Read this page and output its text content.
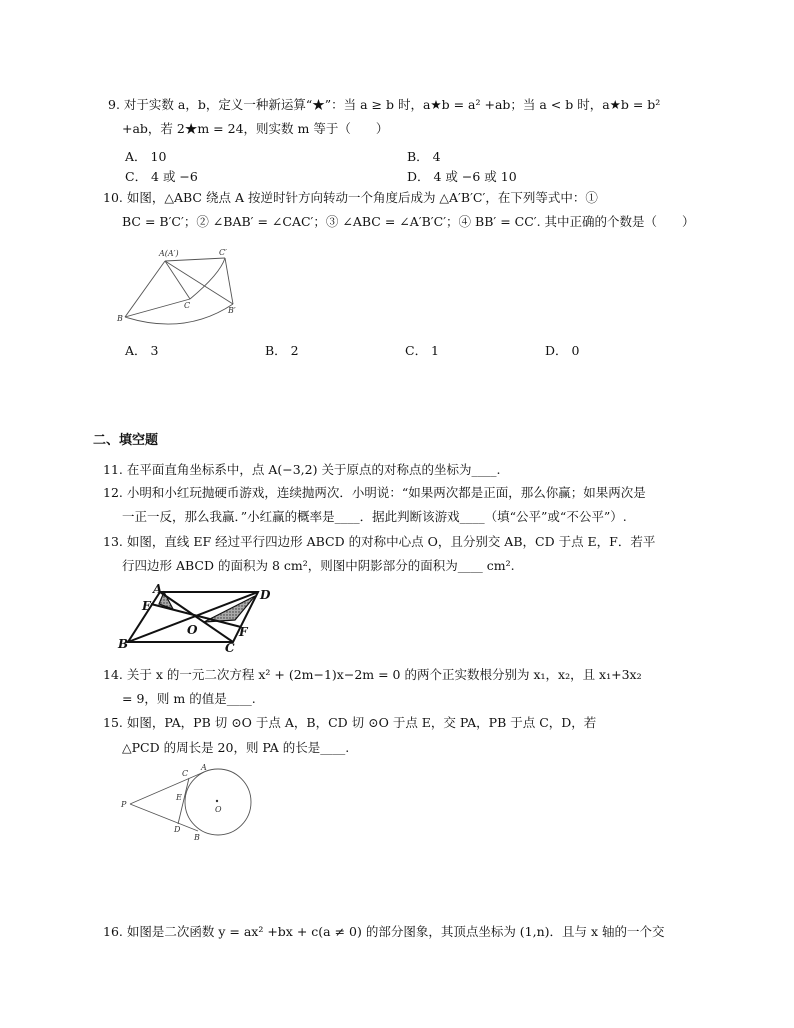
9. 对于实数 a，b，定义一种新运算“★”：当 a ≥ b 时，a★b = a² +ab；当 a < b 时，a★b = b²
+ab，若 2★m = 24，则实数 m 等于（　　）
A． 10	B． 4
C． 4 或 −6	D． 4 或 −6 或 10
10. 如图，△ABC 绕点 A 按逆时针方向转动一个角度后成为 △A′B′C′，在下列等式中：①
BC = B′C′；② ∠BAB′ = ∠CAC′；③ ∠ABC = ∠A′B′C′；④ BB′ = CC′. 其中正确的个数是（　　）
A(A′)	C′
C
B
B′
A． 3	B． 2	C． 1	D． 0
二、填空题
11. 在平面直角坐标系中，点 A(−3,2) 关于原点的对称点的坐标为____.
12. 小明和小红玩抛硬币游戏，连续抛两次．小明说：“如果两次都是正面，那么你赢；如果两次是
一正一反，那么我赢．”小红赢的概率是____．据此判断该游戏____（填“公平”或“不公平”）.
13. 如图，直线 EF 经过平行四边形 ABCD 的对称中心点 O，且分别交 AB，CD 于点 E，F．若平
行四边形 ABCD 的面积为 8 cm²，则图中阴影部分的面积为____ cm².
A	D
E
O	F
B	C
14. 关于 x 的一元二次方程 x² + (2m−1)x−2m = 0 的两个正实数根分别为 x₁，x₂，且 x₁+3x₂
= 9，则 m 的值是____.
15. 如图，PA，PB 切 ⊙O 于点 A，B，CD 切 ⊙O 于点 E，交 PA，PB 于点 C，D，若
△PCD 的周长是 20，则 PA 的长是____.
C
A
P
E
O
D
B
16. 如图是二次函数 y = ax² +bx + c(a ≠ 0) 的部分图象，其顶点坐标为 (1,n)．且与 x 轴的一个交
